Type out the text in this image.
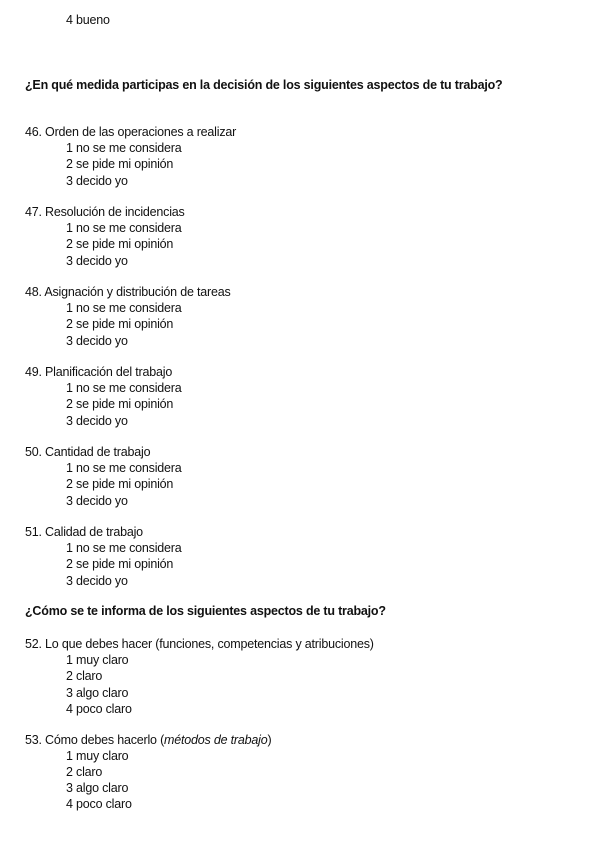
4 bueno
¿En qué medida participas en la decisión de los siguientes aspectos de tu trabajo?
46. Orden de las operaciones a realizar
1 no se me considera
2 se pide mi opinión
3 decido yo
47. Resolución de incidencias
1 no se me considera
2 se pide mi opinión
3 decido yo
48. Asignación y distribución de tareas
1 no se me considera
2 se pide mi opinión
3 decido yo
49. Planificación del trabajo
1 no se me considera
2 se pide mi opinión
3 decido yo
50. Cantidad de trabajo
1 no se me considera
2 se pide mi opinión
3 decido yo
51. Calidad de trabajo
1 no se me considera
2 se pide mi opinión
3 decido yo
¿Cómo se te informa de los siguientes aspectos de tu trabajo?
52. Lo que debes hacer (funciones, competencias y atribuciones)
1 muy claro
2 claro
3 algo claro
4 poco claro
53. Cómo debes hacerlo (métodos de trabajo)
1 muy claro
2 claro
3 algo claro
4 poco claro
